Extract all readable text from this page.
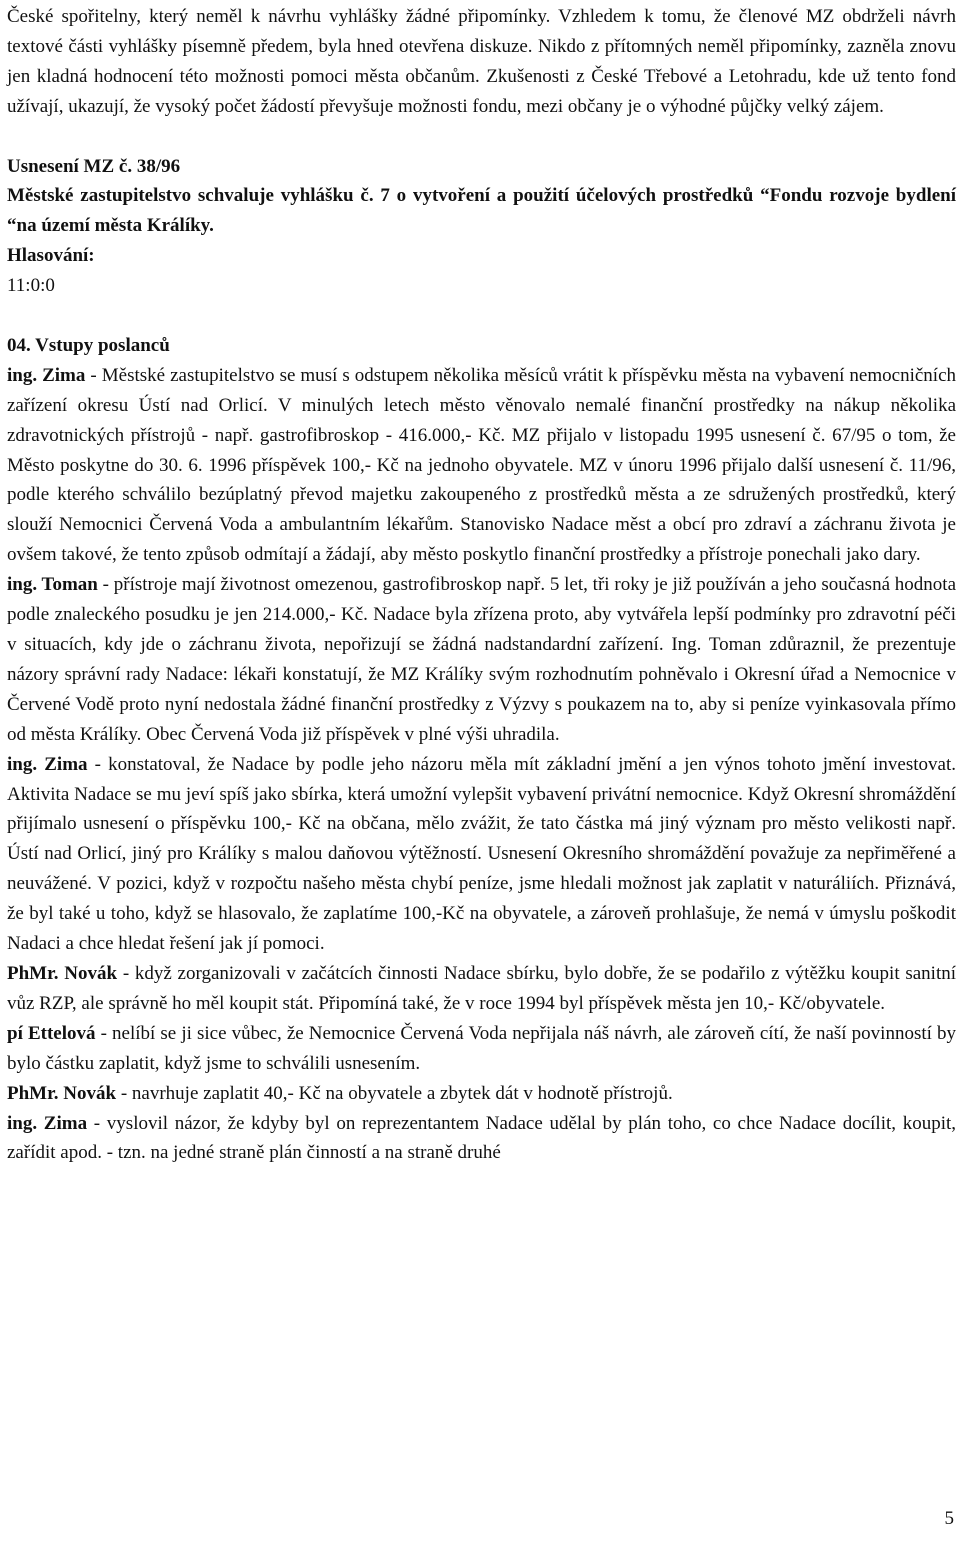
České spořitelny, který neměl k návrhu vyhlášky žádné připomínky. Vzhledem k tomu, že členové MZ obdrželi návrh textové části vyhlášky písemně předem, byla hned otevřena diskuze. Nikdo z přítomných neměl připomínky, zazněla znovu jen kladná hodnocení této možnosti pomoci města občanům. Zkušenosti z České Třebové a Letohradu, kde už tento fond užívají, ukazují, že vysoký počet žádostí převyšuje možnosti fondu, mezi občany je o výhodné půjčky velký zájem.

Usnesení MZ č. 38/96

Městské zastupitelstvo schvaluje vyhlášku č. 7 o vytvoření a použití účelových prostředků “Fondu rozvoje bydlení “na území města Králíky.

Hlasování:

11:0:0

04. Vstupy poslanců

ing. Zima - Městské zastupitelstvo se musí s odstupem několika měsíců vrátit k příspěvku města na vybavení nemocničních zařízení okresu Ústí nad Orlicí. V minulých letech město věnovalo nemalé finanční prostředky na nákup několika zdravotnických přístrojů - např. gastrofibroskop - 416.000,- Kč. MZ přijalo v listopadu 1995 usnesení č. 67/95 o tom, že Město poskytne do 30. 6. 1996 příspěvek 100,- Kč na jednoho obyvatele. MZ v únoru 1996 přijalo další usnesení č. 11/96, podle kterého schválilo bezúplatný převod majetku zakoupeného z prostředků města a ze sdružených prostředků, který slouží Nemocnici Červená Voda a ambulantním lékařům. Stanovisko Nadace měst a obcí pro zdraví a záchranu života je ovšem takové, že tento způsob odmítají a žádají, aby město poskytlo finanční prostředky a přístroje ponechali jako dary.

ing. Toman - přístroje mají životnost omezenou, gastrofibroskop např. 5 let, tři roky je již používán a jeho současná hodnota podle znaleckého posudku je jen 214.000,- Kč. Nadace byla zřízena proto, aby vytvářela lepší podmínky pro zdravotní péči v situacích, kdy jde o záchranu života, nepořizují se žádná nadstandardní zařízení. Ing. Toman zdůraznil, že prezentuje názory správní rady Nadace: lékaři konstatují, že MZ Králíky svým rozhodnutím pohněvalo i Okresní úřad a Nemocnice v Červené Vodě proto nyní nedostala žádné finanční prostředky z Výzvy s poukazem na to, aby si peníze vyinkasovala přímo od města Králíky. Obec Červená Voda již příspěvek v plné výši uhradila.

ing. Zima - konstatoval, že Nadace by podle jeho názoru měla mít základní jmění a jen výnos tohoto jmění investovat. Aktivita Nadace se mu jeví spíš jako sbírka, která umožní vylepšit vybavení privátní nemocnice. Když Okresní shromáždění přijímalo usnesení o příspěvku 100,- Kč na občana, mělo zvážit, že tato částka má jiný význam pro město velikosti např. Ústí nad Orlicí, jiný pro Králíky s malou daňovou výtěžností. Usnesení Okresního shromáždění považuje za nepřiměřené a neuvážené. V pozici, když v rozpočtu našeho města chybí peníze, jsme hledali možnost jak zaplatit v naturáliích. Přiznává, že byl také u toho, když se hlasovalo, že zaplatíme 100,-Kč na obyvatele, a zároveň prohlašuje, že nemá v úmyslu poškodit Nadaci a chce hledat řešení jak jí pomoci.

PhMr. Novák - když zorganizovali v začátcích činnosti Nadace sbírku, bylo dobře, že se podařilo z výtěžku koupit sanitní vůz RZP, ale správně ho měl koupit stát. Připomíná také, že v roce 1994 byl příspěvek města jen 10,- Kč/obyvatele.

pí Ettelová - nelíbí se ji sice vůbec, že Nemocnice Červená Voda nepřijala náš návrh, ale zároveň cítí, že naší povinností by bylo částku zaplatit, když jsme to schválili usnesením.

PhMr. Novák - navrhuje zaplatit 40,- Kč na obyvatele a zbytek dát v hodnotě přístrojů.

ing. Zima - vyslovil názor, že kdyby byl on reprezentantem Nadace udělal by plán toho, co chce Nadace docílit, koupit, zařídit apod. - tzn. na jedné straně plán činností a na straně druhé

5
